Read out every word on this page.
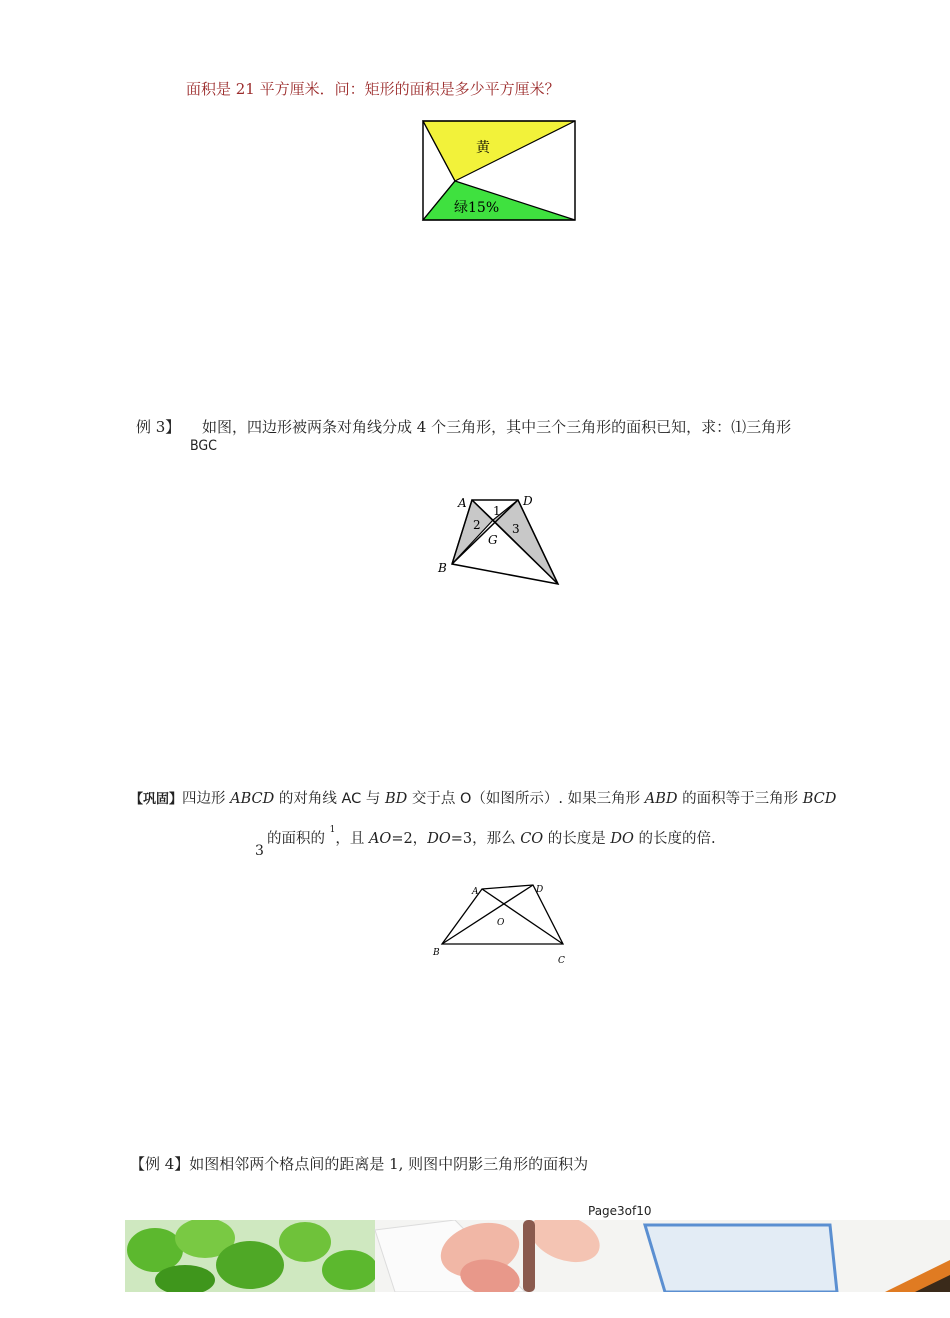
面积是 21 平方厘米．问：矩形的面积是多少平方厘米？
黄
绿15%
例 3】 如图，四边形被两条对角线分成 4 个三角形，其中三个三角形的面积已知，求：⑴三角形
BGC
A	D
B
G
1
2	3
【巩固】四边形 ABCD 的对角线 AC 与 BD 交于点 O（如图所示）. 如果三角形 ABD 的面积等于三角形 BCD
的面积的 $^1$，且 AO=2，DO=3，那么 CO 的长度是 DO 的长度的倍.
3
A	D
O
B
C
【例 4】如图相邻两个格点间的距离是 1, 则图中阴影三角形的面积为
Page3of10
